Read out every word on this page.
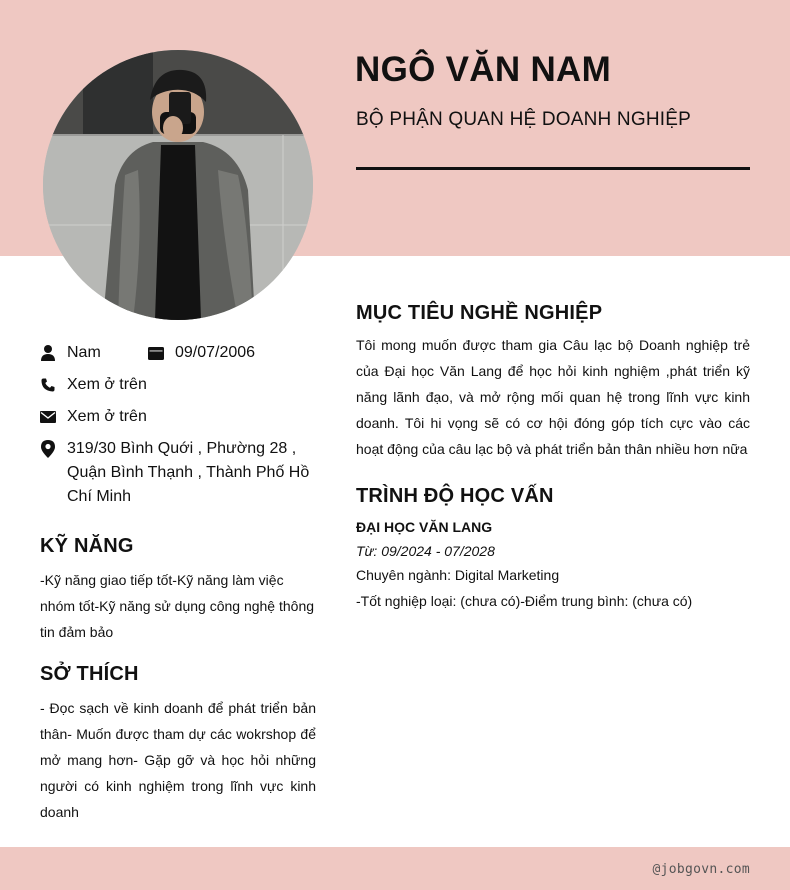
NGÔ VĂN NAM
BỘ PHẬN QUAN HỆ DOANH NGHIỆP
Nam	09/07/2006
Xem ở trên
Xem ở trên
319/30 Bình Quới , Phường 28 , Quận Bình Thạnh , Thành Phố Hồ Chí Minh
KỸ NĂNG
-Kỹ năng giao tiếp tốt-Kỹ năng làm việc nhóm tốt-Kỹ năng sử dụng công nghệ thông tin đảm bảo
SỞ THÍCH
- Đọc sạch về kinh doanh để phát triển bản thân- Muốn được tham dự các wokrshop để mở mang hơn- Gặp gỡ và học hỏi những người có kinh nghiệm trong lĩnh vực kinh doanh
MỤC TIÊU NGHỀ NGHIỆP
Tôi mong muốn được tham gia Câu lạc bộ Doanh nghiệp trẻ của Đại học Văn Lang để học hỏi kinh nghiệm ,phát triển kỹ năng lãnh đạo, và mở rộng mối quan hệ trong lĩnh vực kinh doanh. Tôi hi vọng sẽ có cơ hội đóng góp tích cực vào các hoạt động của câu lạc bộ và phát triển bản thân nhiều hơn nữa
TRÌNH ĐỘ HỌC VẤN
ĐẠI HỌC VĂN LANG
Từ: 09/2024 - 07/2028
Chuyên ngành: Digital Marketing
-Tốt nghiệp loại: (chưa có)-Điểm trung bình: (chưa có)
@jobgovn.com
